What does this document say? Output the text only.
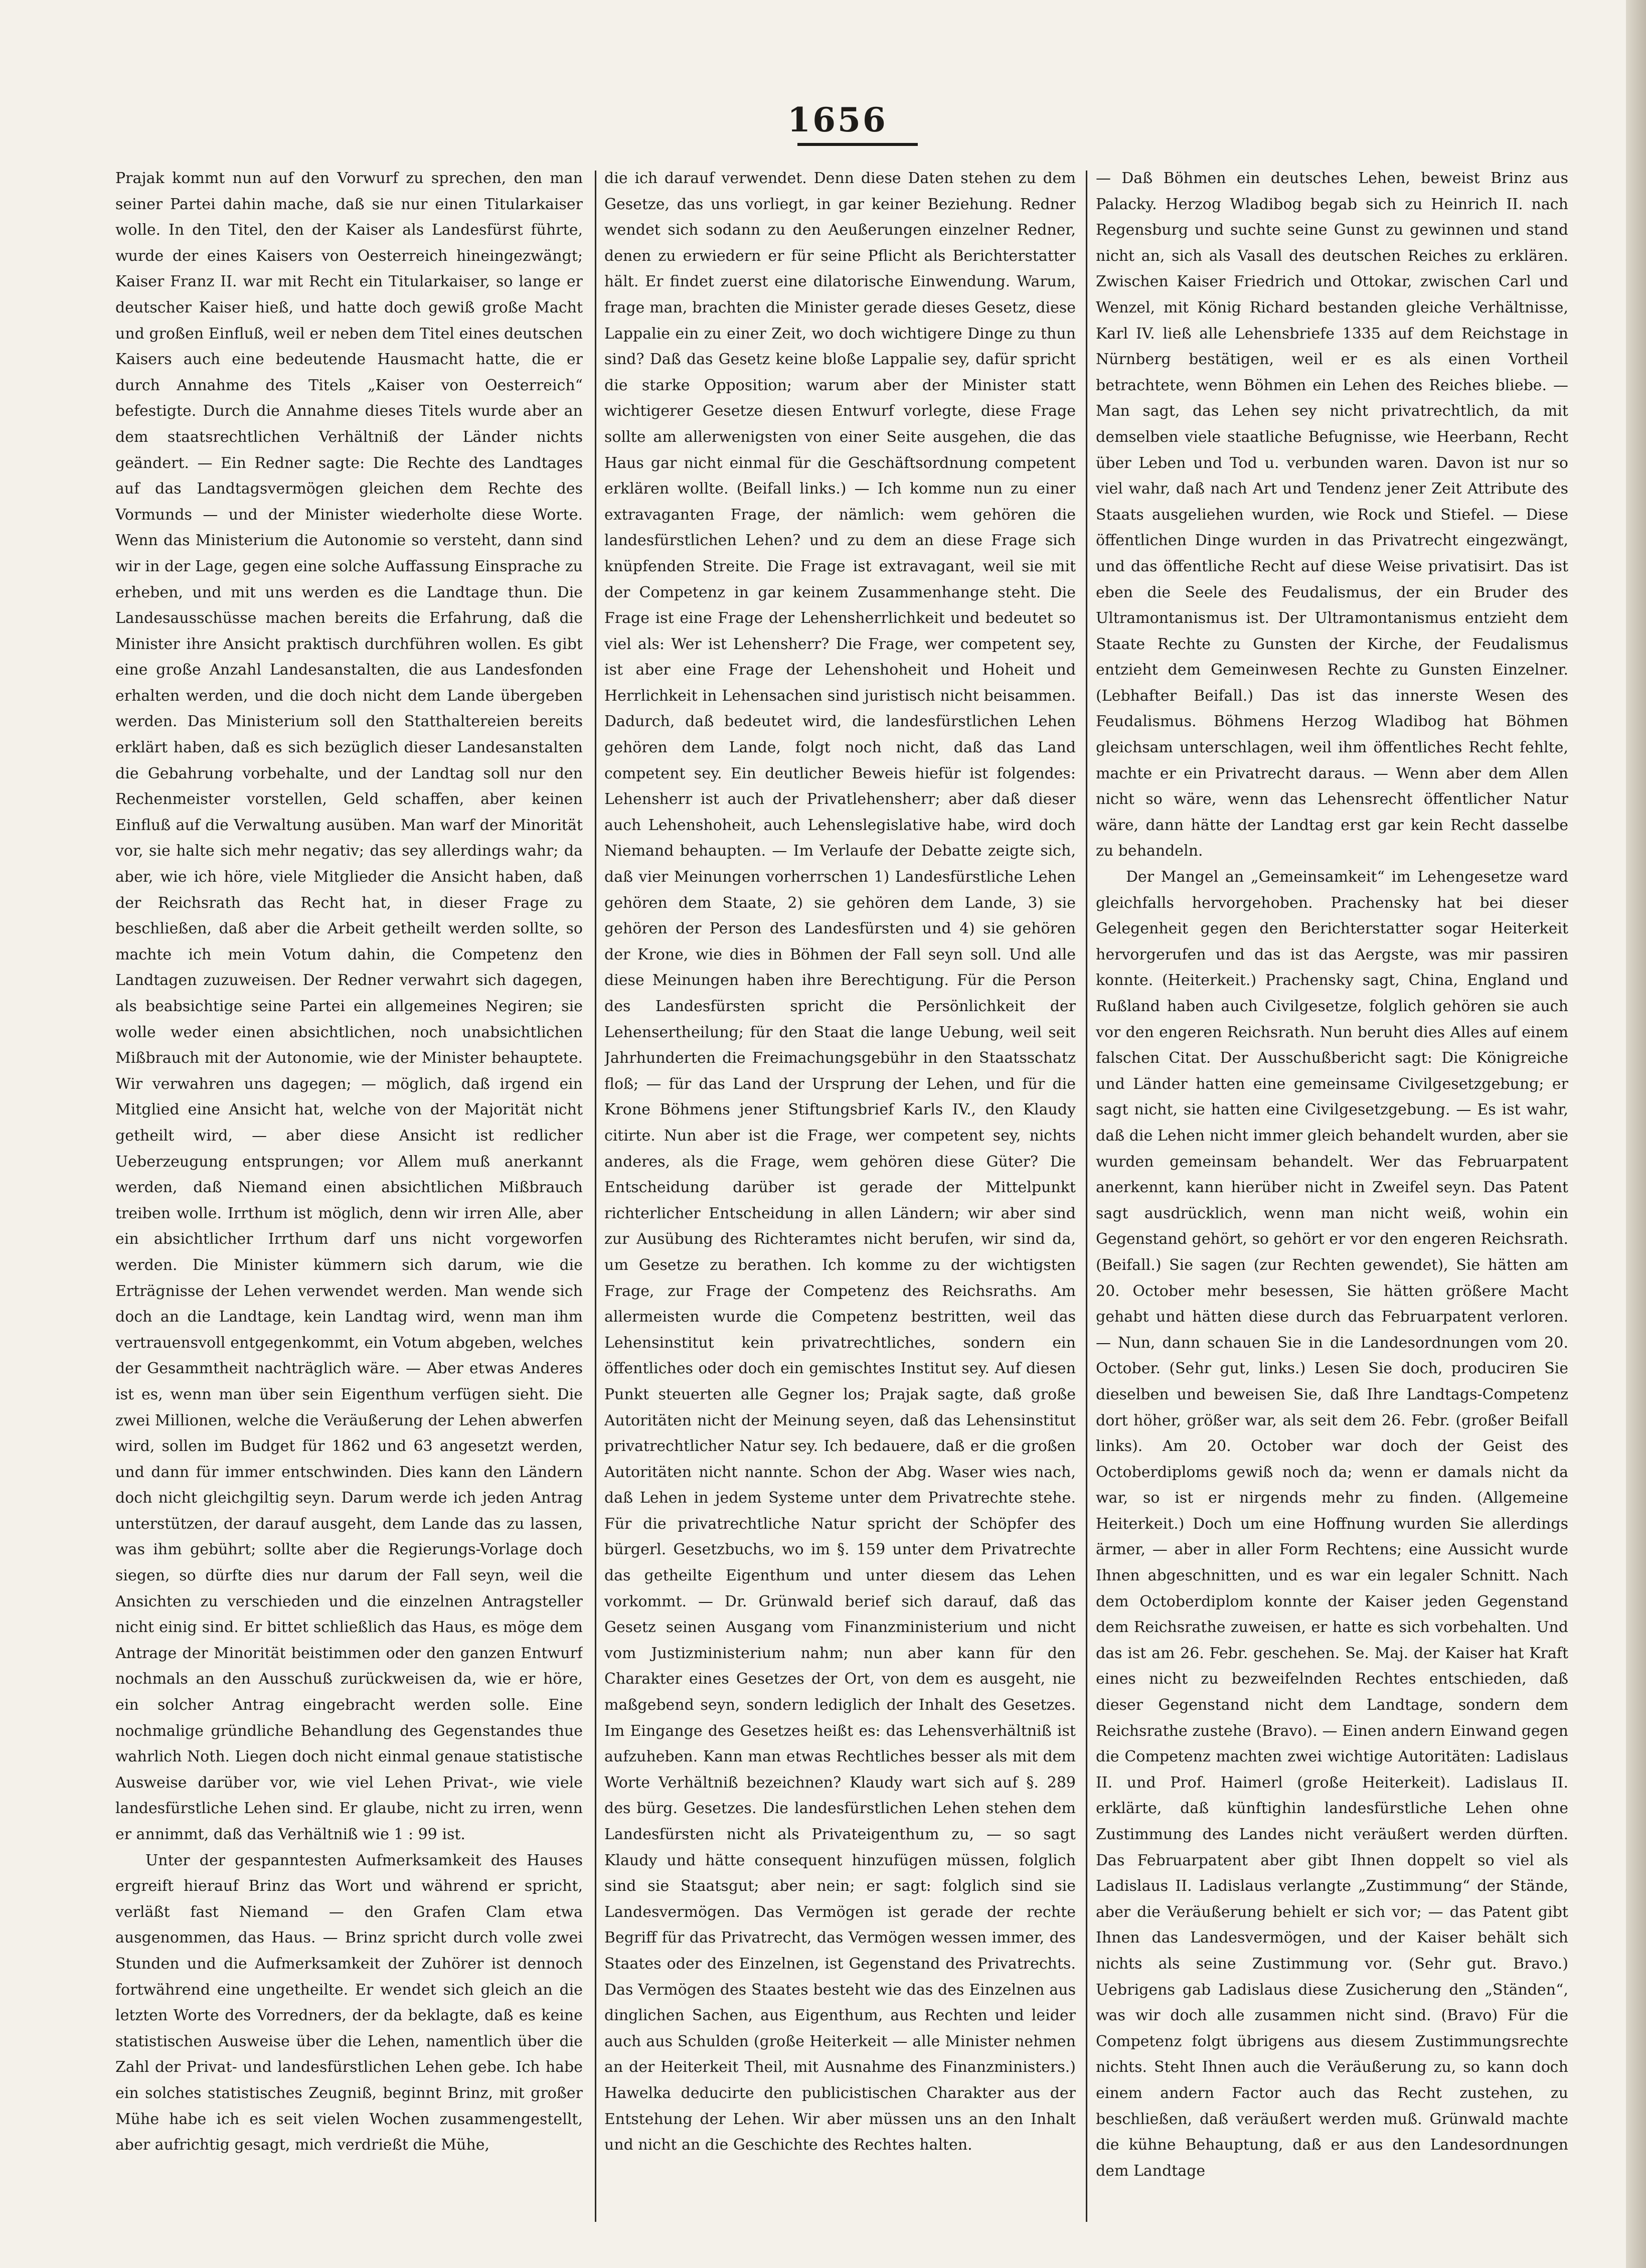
1656

Prajak kommt nun auf den Vorwurf zu sprechen, den man seiner Partei dahin mache, daß sie nur einen Titularkaiser wolle. In den Titel, den der Kaiser als Landesfürst führte, wurde der eines Kaisers von Oesterreich hineingezwängt; Kaiser Franz II. war mit Recht ein Titularkaiser, so lange er deutscher Kaiser hieß, und hatte doch gewiß große Macht und großen Einfluß, weil er neben dem Titel eines deutschen Kaisers auch eine bedeutende Hausmacht hatte, die er durch Annahme des Titels „Kaiser von Oesterreich“ befestigte. Durch die Annahme dieses Titels wurde aber an dem staatsrechtlichen Verhältniß der Länder nichts geändert. — Ein Redner sagte: Die Rechte des Landtages auf das Landtagsvermögen gleichen dem Rechte des Vormunds — und der Minister wiederholte diese Worte. Wenn das Ministerium die Autonomie so versteht, dann sind wir in der Lage, gegen eine solche Auffassung Einsprache zu erheben, und mit uns werden es die Landtage thun. Die Landesausschüsse machen bereits die Erfahrung, daß die Minister ihre Ansicht praktisch durchführen wollen. Es gibt eine große Anzahl Landesanstalten, die aus Landesfonden erhalten werden, und die doch nicht dem Lande übergeben werden. Das Ministerium soll den Statthaltereien bereits erklärt haben, daß es sich bezüglich dieser Landesanstalten die Gebahrung vorbehalte, und der Landtag soll nur den Rechenmeister vorstellen, Geld schaffen, aber keinen Einfluß auf die Verwaltung ausüben. Man warf der Minorität vor, sie halte sich mehr negativ; das sey allerdings wahr; da aber, wie ich höre, viele Mitglieder die Ansicht haben, daß der Reichsrath das Recht hat, in dieser Frage zu beschließen, daß aber die Arbeit getheilt werden sollte, so machte ich mein Votum dahin, die Competenz den Landtagen zuzuweisen. Der Redner verwahrt sich dagegen, als beabsichtige seine Partei ein allgemeines Negiren; sie wolle weder einen absichtlichen, noch unabsichtlichen Mißbrauch mit der Autonomie, wie der Minister behauptete. Wir verwahren uns dagegen; — möglich, daß irgend ein Mitglied eine Ansicht hat, welche von der Majorität nicht getheilt wird, — aber diese Ansicht ist redlicher Ueberzeugung entsprungen; vor Allem muß anerkannt werden, daß Niemand einen absichtlichen Mißbrauch treiben wolle. Irrthum ist möglich, denn wir irren Alle, aber ein absichtlicher Irrthum darf uns nicht vorgeworfen werden. Die Minister kümmern sich darum, wie die Erträgnisse der Lehen verwendet werden. Man wende sich doch an die Landtage, kein Landtag wird, wenn man ihm vertrauensvoll entgegenkommt, ein Votum abgeben, welches der Gesammtheit nachträglich wäre. — Aber etwas Anderes ist es, wenn man über sein Eigenthum verfügen sieht. Die zwei Millionen, welche die Veräußerung der Lehen abwerfen wird, sollen im Budget für 1862 und 63 angesetzt werden, und dann für immer entschwinden. Dies kann den Ländern doch nicht gleichgiltig seyn. Darum werde ich jeden Antrag unterstützen, der darauf ausgeht, dem Lande das zu lassen, was ihm gebührt; sollte aber die Regierungs-Vorlage doch siegen, so dürfte dies nur darum der Fall seyn, weil die Ansichten zu verschieden und die einzelnen Antragsteller nicht einig sind. Er bittet schließlich das Haus, es möge dem Antrage der Minorität beistimmen oder den ganzen Entwurf nochmals an den Ausschuß zurückweisen da, wie er höre, ein solcher Antrag eingebracht werden solle. Eine nochmalige gründliche Behandlung des Gegenstandes thue wahrlich Noth. Liegen doch nicht einmal genaue statistische Ausweise darüber vor, wie viel Lehen Privat-, wie viele landesfürstliche Lehen sind. Er glaube, nicht zu irren, wenn er annimmt, daß das Verhältniß wie 1 : 99 ist.

Unter der gespanntesten Aufmerksamkeit des Hauses ergreift hierauf Brinz das Wort und während er spricht, verläßt fast Niemand — den Grafen Clam etwa ausgenommen, das Haus. — Brinz spricht durch volle zwei Stunden und die Aufmerksamkeit der Zuhörer ist dennoch fortwährend eine ungetheilte. Er wendet sich gleich an die letzten Worte des Vorredners, der da beklagte, daß es keine statistischen Ausweise über die Lehen, namentlich über die Zahl der Privat- und landesfürstlichen Lehen gebe. Ich habe ein solches statistisches Zeugniß, beginnt Brinz, mit großer Mühe habe ich es seit vielen Wochen zusammengestellt, aber aufrichtig gesagt, mich verdrießt die Mühe,

die ich darauf verwendet. Denn diese Daten stehen zu dem Gesetze, das uns vorliegt, in gar keiner Beziehung. Redner wendet sich sodann zu den Aeußerungen einzelner Redner, denen zu erwiedern er für seine Pflicht als Berichterstatter hält. Er findet zuerst eine dilatorische Einwendung. Warum, frage man, brachten die Minister gerade dieses Gesetz, diese Lappalie ein zu einer Zeit, wo doch wichtigere Dinge zu thun sind? Daß das Gesetz keine bloße Lappalie sey, dafür spricht die starke Opposition; warum aber der Minister statt wichtigerer Gesetze diesen Entwurf vorlegte, diese Frage sollte am allerwenigsten von einer Seite ausgehen, die das Haus gar nicht einmal für die Geschäftsordnung competent erklären wollte. (Beifall links.) — Ich komme nun zu einer extravaganten Frage, der nämlich: wem gehören die landesfürstlichen Lehen? und zu dem an diese Frage sich knüpfenden Streite. Die Frage ist extravagant, weil sie mit der Competenz in gar keinem Zusammenhange steht. Die Frage ist eine Frage der Lehensherrlichkeit und bedeutet so viel als: Wer ist Lehensherr? Die Frage, wer competent sey, ist aber eine Frage der Lehenshoheit und Hoheit und Herrlichkeit in Lehensachen sind juristisch nicht beisammen. Dadurch, daß bedeutet wird, die landesfürstlichen Lehen gehören dem Lande, folgt noch nicht, daß das Land competent sey. Ein deutlicher Beweis hiefür ist folgendes: Lehensherr ist auch der Privatlehensherr; aber daß dieser auch Lehenshoheit, auch Lehenslegislative habe, wird doch Niemand behaupten. — Im Verlaufe der Debatte zeigte sich, daß vier Meinungen vorherrschen 1) Landesfürstliche Lehen gehören dem Staate, 2) sie gehören dem Lande, 3) sie gehören der Person des Landesfürsten und 4) sie gehören der Krone, wie dies in Böhmen der Fall seyn soll. Und alle diese Meinungen haben ihre Berechtigung. Für die Person des Landesfürsten spricht die Persönlichkeit der Lehensertheilung; für den Staat die lange Uebung, weil seit Jahrhunderten die Freimachungsgebühr in den Staatsschatz floß; — für das Land der Ursprung der Lehen, und für die Krone Böhmens jener Stiftungsbrief Karls IV., den Klaudy citirte. Nun aber ist die Frage, wer competent sey, nichts anderes, als die Frage, wem gehören diese Güter? Die Entscheidung darüber ist gerade der Mittelpunkt richterlicher Entscheidung in allen Ländern; wir aber sind zur Ausübung des Richteramtes nicht berufen, wir sind da, um Gesetze zu berathen. Ich komme zu der wichtigsten Frage, zur Frage der Competenz des Reichsraths. Am allermeisten wurde die Competenz bestritten, weil das Lehensinstitut kein privatrechtliches, sondern ein öffentliches oder doch ein gemischtes Institut sey. Auf diesen Punkt steuerten alle Gegner los; Prajak sagte, daß große Autoritäten nicht der Meinung seyen, daß das Lehensinstitut privatrechtlicher Natur sey. Ich bedauere, daß er die großen Autoritäten nicht nannte. Schon der Abg. Waser wies nach, daß Lehen in jedem Systeme unter dem Privatrechte stehe. Für die privatrechtliche Natur spricht der Schöpfer des bürgerl. Gesetzbuchs, wo im §. 159 unter dem Privatrechte das getheilte Eigenthum und unter diesem das Lehen vorkommt. — Dr. Grünwald berief sich darauf, daß das Gesetz seinen Ausgang vom Finanzministerium und nicht vom Justizministerium nahm; nun aber kann für den Charakter eines Gesetzes der Ort, von dem es ausgeht, nie maßgebend seyn, sondern lediglich der Inhalt des Gesetzes. Im Eingange des Gesetzes heißt es: das Lehensverhältniß ist aufzuheben. Kann man etwas Rechtliches besser als mit dem Worte Verhältniß bezeichnen? Klaudy wart sich auf §. 289 des bürg. Gesetzes. Die landesfürstlichen Lehen stehen dem Landesfürsten nicht als Privateigenthum zu, — so sagt Klaudy und hätte consequent hinzufügen müssen, folglich sind sie Staatsgut; aber nein; er sagt: folglich sind sie Landesvermögen. Das Vermögen ist gerade der rechte Begriff für das Privatrecht, das Vermögen wessen immer, des Staates oder des Einzelnen, ist Gegenstand des Privatrechts. Das Vermögen des Staates besteht wie das des Einzelnen aus dinglichen Sachen, aus Eigenthum, aus Rechten und leider auch aus Schulden (große Heiterkeit — alle Minister nehmen an der Heiterkeit Theil, mit Ausnahme des Finanzministers.) Hawelka deducirte den publicistischen Charakter aus der Entstehung der Lehen. Wir aber müssen uns an den Inhalt und nicht an die Geschichte des Rechtes halten.

— Daß Böhmen ein deutsches Lehen, beweist Brinz aus Palacky. Herzog Wladibog begab sich zu Heinrich II. nach Regensburg und suchte seine Gunst zu gewinnen und stand nicht an, sich als Vasall des deutschen Reiches zu erklären. Zwischen Kaiser Friedrich und Ottokar, zwischen Carl und Wenzel, mit König Richard bestanden gleiche Verhältnisse, Karl IV. ließ alle Lehensbriefe 1335 auf dem Reichstage in Nürnberg bestätigen, weil er es als einen Vortheil betrachtete, wenn Böhmen ein Lehen des Reiches bliebe. — Man sagt, das Lehen sey nicht privatrechtlich, da mit demselben viele staatliche Befugnisse, wie Heerbann, Recht über Leben und Tod u. verbunden waren. Davon ist nur so viel wahr, daß nach Art und Tendenz jener Zeit Attribute des Staats ausgeliehen wurden, wie Rock und Stiefel. — Diese öffentlichen Dinge wurden in das Privatrecht eingezwängt, und das öffentliche Recht auf diese Weise privatisirt. Das ist eben die Seele des Feudalismus, der ein Bruder des Ultramontanismus ist. Der Ultramontanismus entzieht dem Staate Rechte zu Gunsten der Kirche, der Feudalismus entzieht dem Gemeinwesen Rechte zu Gunsten Einzelner. (Lebhafter Beifall.) Das ist das innerste Wesen des Feudalismus. Böhmens Herzog Wladibog hat Böhmen gleichsam unterschlagen, weil ihm öffentliches Recht fehlte, machte er ein Privatrecht daraus. — Wenn aber dem Allen nicht so wäre, wenn das Lehensrecht öffentlicher Natur wäre, dann hätte der Landtag erst gar kein Recht dasselbe zu behandeln.

Der Mangel an „Gemeinsamkeit“ im Lehengesetze ward gleichfalls hervorgehoben. Prachensky hat bei dieser Gelegenheit gegen den Berichterstatter sogar Heiterkeit hervorgerufen und das ist das Aergste, was mir passiren konnte. (Heiterkeit.) Prachensky sagt, China, England und Rußland haben auch Civilgesetze, folglich gehören sie auch vor den engeren Reichsrath. Nun beruht dies Alles auf einem falschen Citat. Der Ausschußbericht sagt: Die Königreiche und Länder hatten eine gemeinsame Civilgesetzgebung; er sagt nicht, sie hatten eine Civilgesetzgebung. — Es ist wahr, daß die Lehen nicht immer gleich behandelt wurden, aber sie wurden gemeinsam behandelt. Wer das Februarpatent anerkennt, kann hierüber nicht in Zweifel seyn. Das Patent sagt ausdrücklich, wenn man nicht weiß, wohin ein Gegenstand gehört, so gehört er vor den engeren Reichsrath. (Beifall.) Sie sagen (zur Rechten gewendet), Sie hätten am 20. October mehr besessen, Sie hätten größere Macht gehabt und hätten diese durch das Februarpatent verloren. — Nun, dann schauen Sie in die Landesordnungen vom 20. October. (Sehr gut, links.) Lesen Sie doch, produciren Sie dieselben und beweisen Sie, daß Ihre Landtags-Competenz dort höher, größer war, als seit dem 26. Febr. (großer Beifall links). Am 20. October war doch der Geist des Octoberdiploms gewiß noch da; wenn er damals nicht da war, so ist er nirgends mehr zu finden. (Allgemeine Heiterkeit.) Doch um eine Hoffnung wurden Sie allerdings ärmer, — aber in aller Form Rechtens; eine Aussicht wurde Ihnen abgeschnitten, und es war ein legaler Schnitt. Nach dem Octoberdiplom konnte der Kaiser jeden Gegenstand dem Reichsrathe zuweisen, er hatte es sich vorbehalten. Und das ist am 26. Febr. geschehen. Se. Maj. der Kaiser hat Kraft eines nicht zu bezweifelnden Rechtes entschieden, daß dieser Gegenstand nicht dem Landtage, sondern dem Reichsrathe zustehe (Bravo). — Einen andern Einwand gegen die Competenz machten zwei wichtige Autoritäten: Ladislaus II. und Prof. Haimerl (große Heiterkeit). Ladislaus II. erklärte, daß künftighin landesfürstliche Lehen ohne Zustimmung des Landes nicht veräußert werden dürften. Das Februarpatent aber gibt Ihnen doppelt so viel als Ladislaus II. Ladislaus verlangte „Zustimmung“ der Stände, aber die Veräußerung behielt er sich vor; — das Patent gibt Ihnen das Landesvermögen, und der Kaiser behält sich nichts als seine Zustimmung vor. (Sehr gut. Bravo.) Uebrigens gab Ladislaus diese Zusicherung den „Ständen“, was wir doch alle zusammen nicht sind. (Bravo) Für die Competenz folgt übrigens aus diesem Zustimmungsrechte nichts. Steht Ihnen auch die Veräußerung zu, so kann doch einem andern Factor auch das Recht zustehen, zu beschließen, daß veräußert werden muß. Grünwald machte die kühne Behauptung, daß er aus den Landesordnungen dem Landtage
